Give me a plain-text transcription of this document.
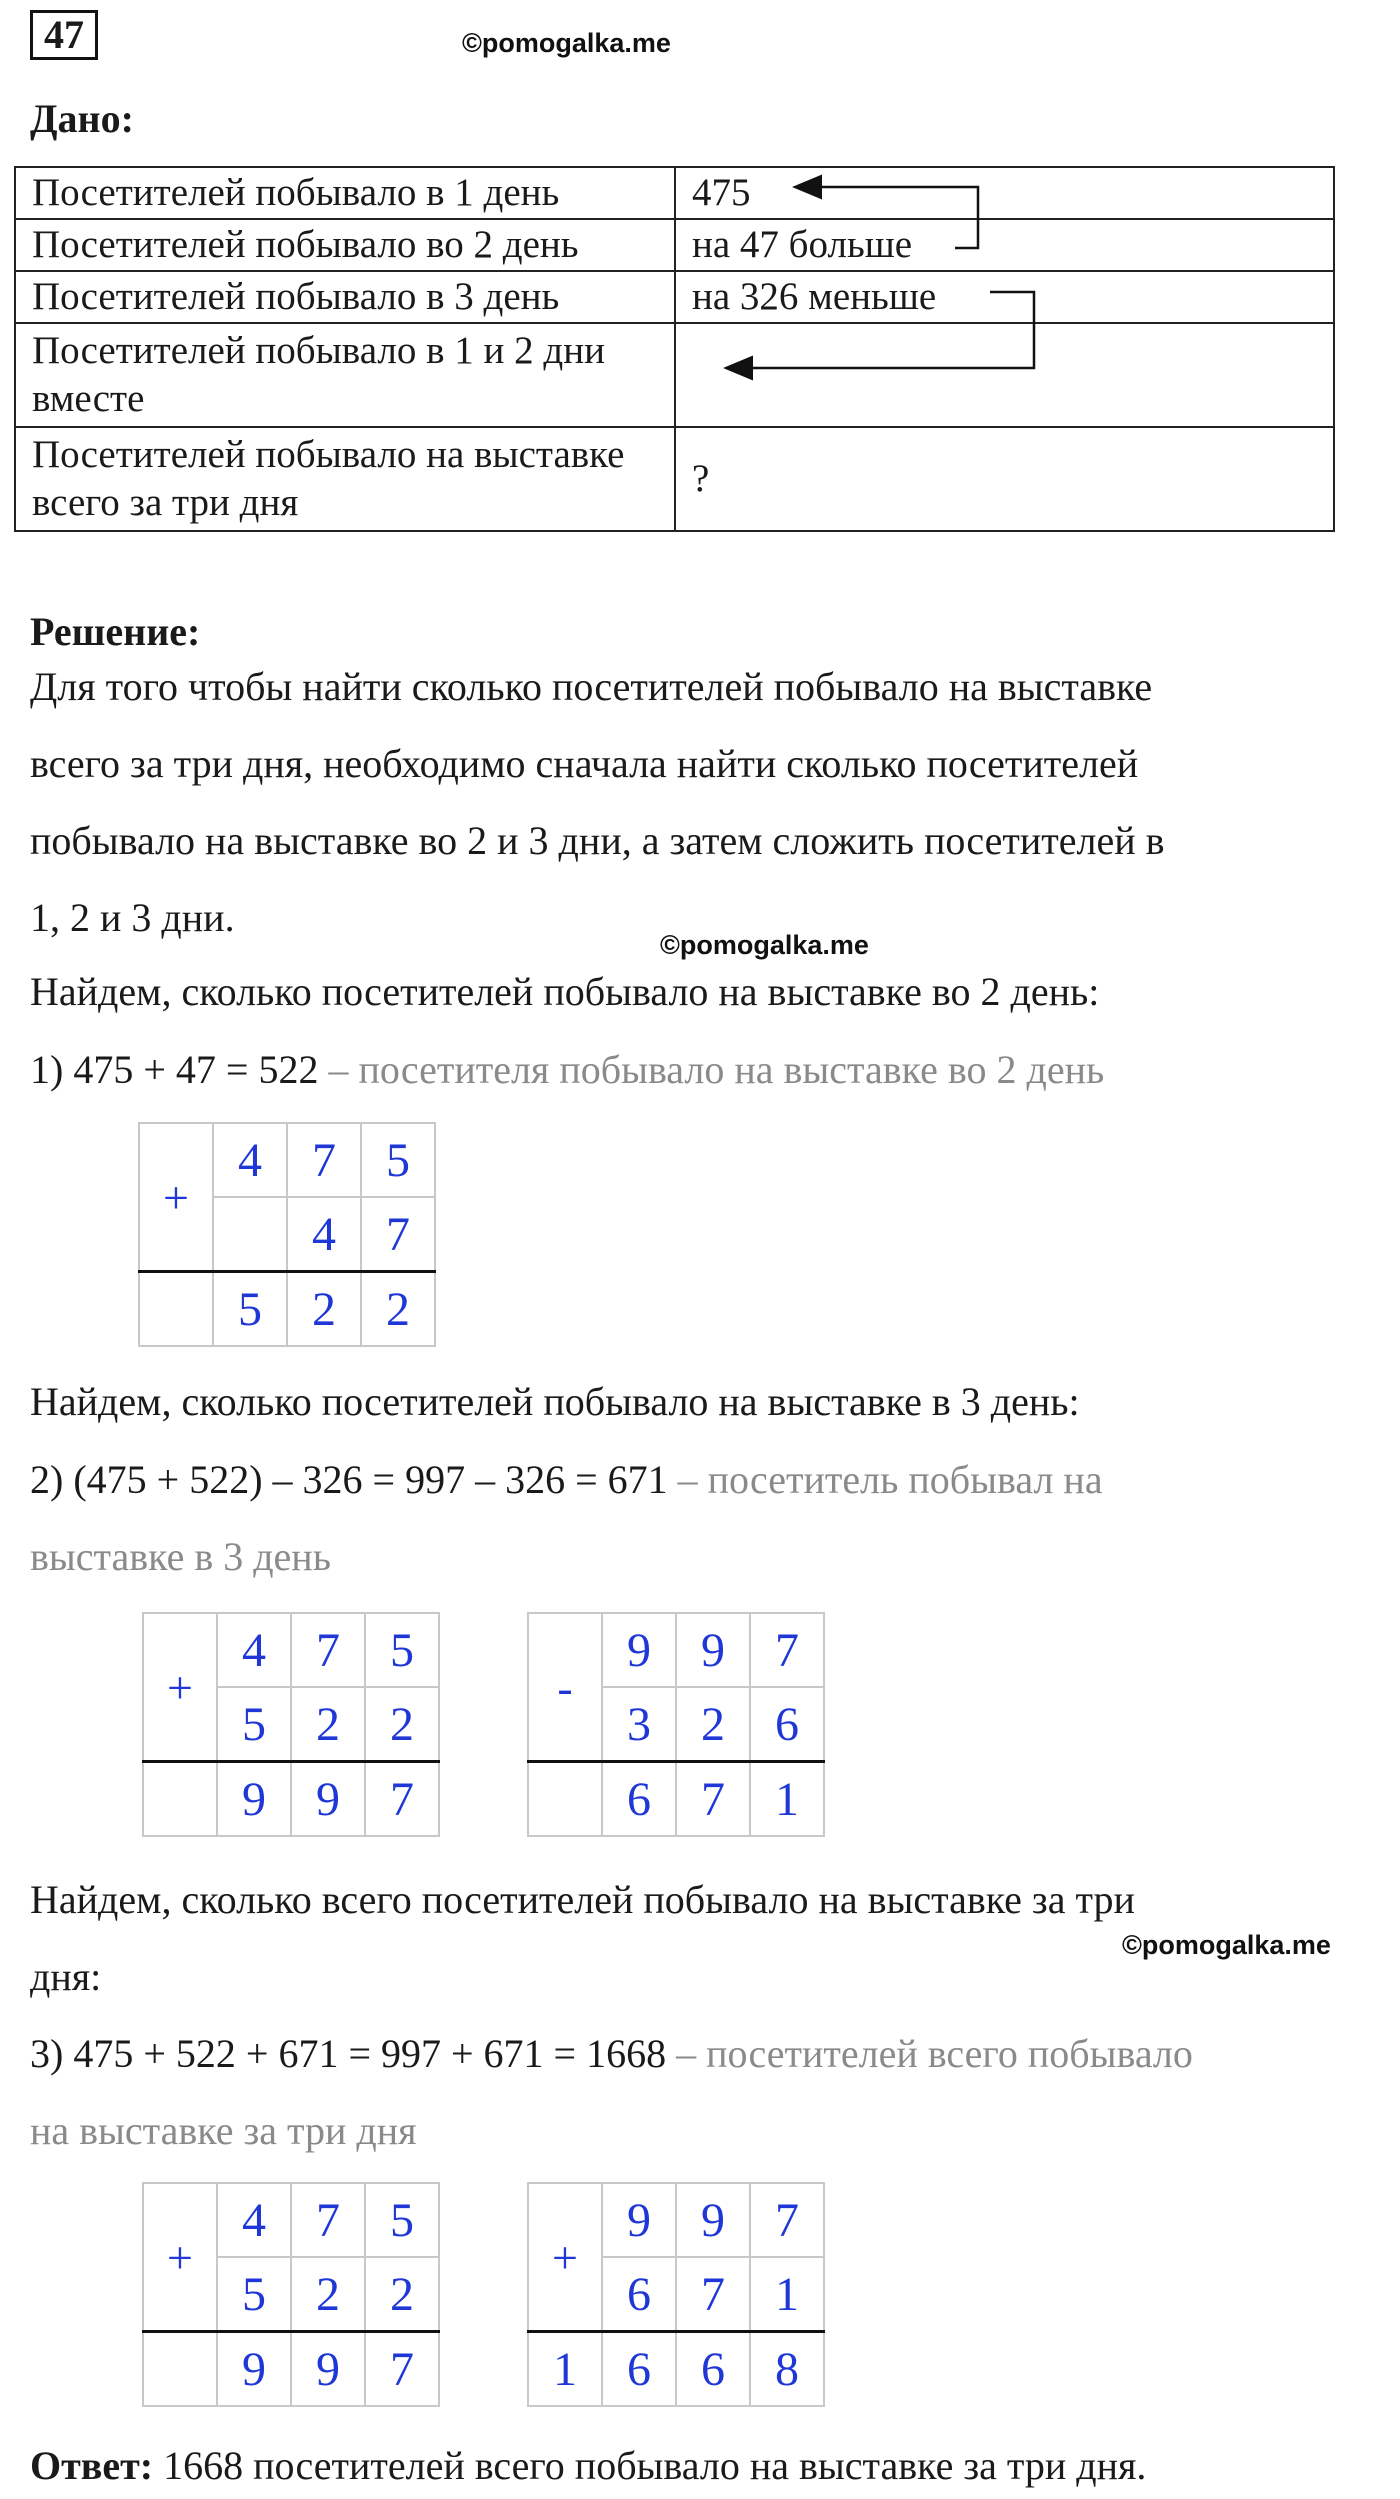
47	©pomogalka.me
Дано:
Посетителей побывало в 1 день	475
Посетителей побывало во 2 день	на 47 больше
Посетителей побывало в 3 день	на 326 меньше
Посетителей побывало в 1 и 2 дни вместе	
Посетителей побывало на выставке всего за три дня	?
Решение:
Для того чтобы найти сколько посетителей побывало на выставке
всего за три дня, необходимо сначала найти сколько посетителей
побывало на выставке во 2 и 3 дни, а затем сложить посетителей в
1, 2 и 3 дни.
©pomogalka.me
Найдем, сколько посетителей побывало на выставке во 2 день:
1) 475 + 47 = 522 – посетителя побывало на выставке во 2 день
+	4	7	5
		4	7
	5	2	2
Найдем, сколько посетителей побывало на выставке в 3 день:
2) (475 + 522) – 326 = 997 – 326 = 671 – посетитель побывал на
выставке в 3 день
+	4	7	5
	5	2	2
	9	9	7
-	9	9	7
	3	2	6
	6	7	1
Найдем, сколько всего посетителей побывало на выставке за три
©pomogalka.me
дня:
3) 475 + 522 + 671 = 997 + 671 = 1668 – посетителей всего побывало
на выставке за три дня
+	4	7	5
	5	2	2
	9	9	7
+	9	9	7
	6	7	1
1	6	6	8
Ответ: 1668 посетителей всего побывало на выставке за три дня.
